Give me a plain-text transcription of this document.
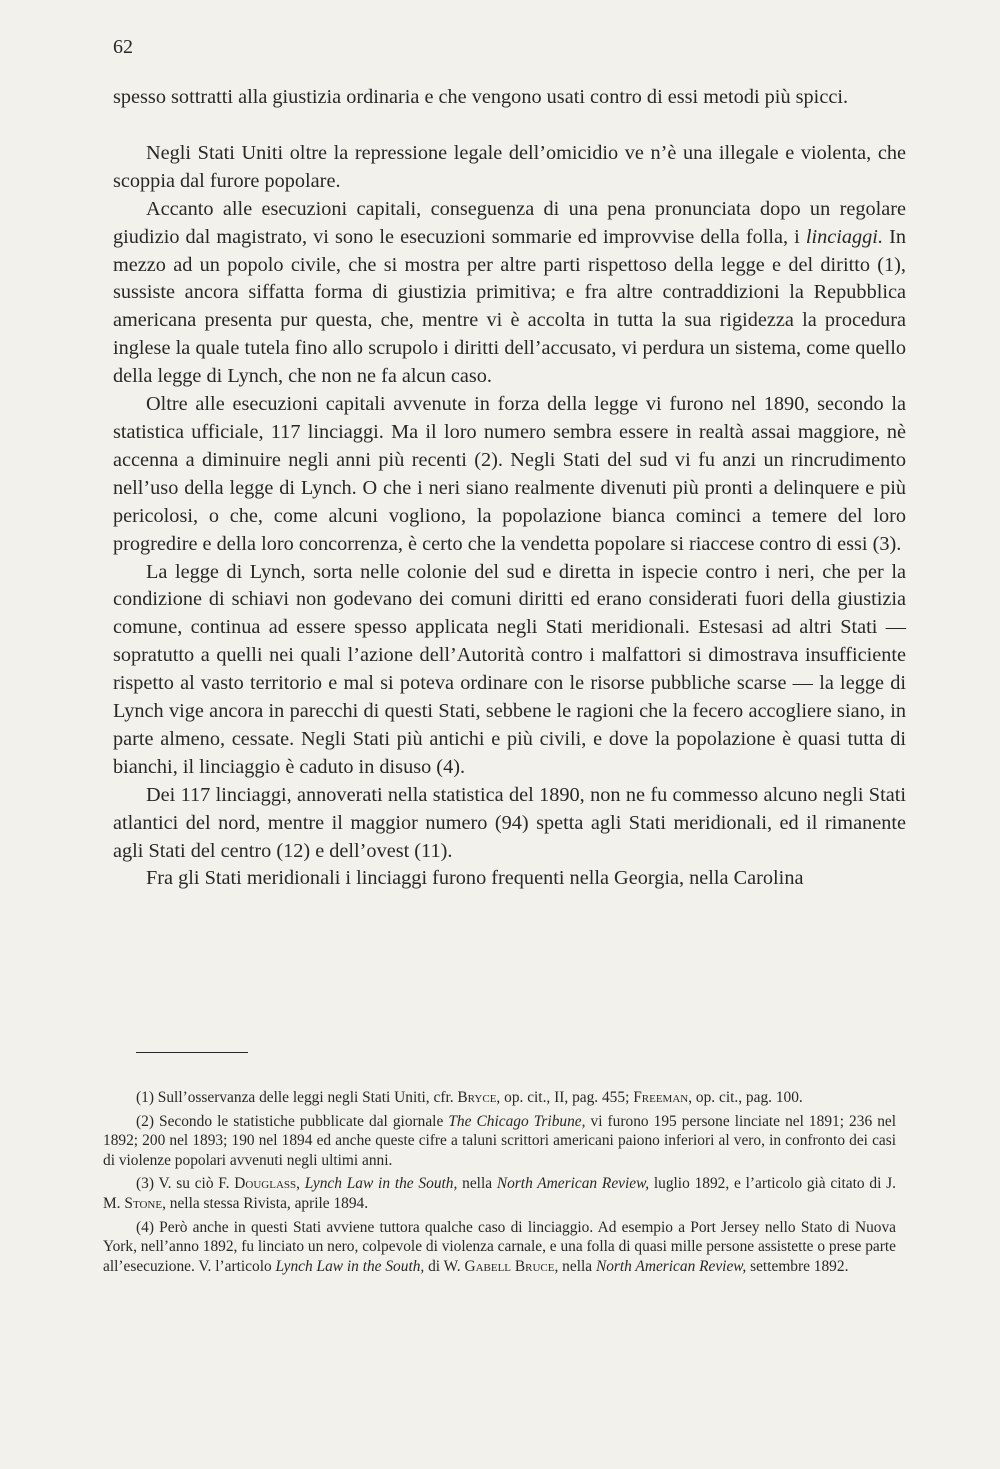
62

spesso sottratti alla giustizia ordinaria e che vengono usati contro di essi metodi più spicci.

Negli Stati Uniti oltre la repressione legale dell’omicidio ve n’è una illegale e violenta, che scoppia dal furore popolare.

Accanto alle esecuzioni capitali, conseguenza di una pena pronunciata dopo un regolare giudizio dal magistrato, vi sono le esecuzioni sommarie ed improvvise della folla, i linciaggi. In mezzo ad un popolo civile, che si mostra per altre parti rispettoso della legge e del diritto (1), sussiste ancora siffatta forma di giustizia primitiva; e fra altre contraddizioni la Repubblica americana presenta pur questa, che, mentre vi è accolta in tutta la sua rigidezza la procedura inglese la quale tutela fino allo scrupolo i diritti dell’accusato, vi perdura un sistema, come quello della legge di Lynch, che non ne fa alcun caso.

Oltre alle esecuzioni capitali avvenute in forza della legge vi furono nel 1890, secondo la statistica ufficiale, 117 linciaggi. Ma il loro numero sembra essere in realtà assai maggiore, nè accenna a diminuire negli anni più recenti (2). Negli Stati del sud vi fu anzi un rincrudimento nell’uso della legge di Lynch. O che i neri siano realmente divenuti più pronti a delinquere e più pericolosi, o che, come alcuni vogliono, la popolazione bianca cominci a temere del loro progredire e della loro concorrenza, è certo che la vendetta popolare si riaccese contro di essi (3).

La legge di Lynch, sorta nelle colonie del sud e diretta in ispecie contro i neri, che per la condizione di schiavi non godevano dei comuni diritti ed erano considerati fuori della giustizia comune, continua ad essere spesso applicata negli Stati meridionali. Estesasi ad altri Stati — sopratutto a quelli nei quali l’azione dell’Autorità contro i malfattori si dimostrava insufficiente rispetto al vasto territorio e mal si poteva ordinare con le risorse pubbliche scarse — la legge di Lynch vige ancora in parecchi di questi Stati, sebbene le ragioni che la fecero accogliere siano, in parte almeno, cessate. Negli Stati più antichi e più civili, e dove la popolazione è quasi tutta di bianchi, il linciaggio è caduto in disuso (4).

Dei 117 linciaggi, annoverati nella statistica del 1890, non ne fu commesso alcuno negli Stati atlantici del nord, mentre il maggior numero (94) spetta agli Stati meridionali, ed il rimanente agli Stati del centro (12) e dell’ovest (11).

Fra gli Stati meridionali i linciaggi furono frequenti nella Georgia, nella Carolina

(1) Sull’osservanza delle leggi negli Stati Uniti, cfr. Bryce, op. cit., II, pag. 455; Freeman, op. cit., pag. 100.

(2) Secondo le statistiche pubblicate dal giornale The Chicago Tribune, vi furono 195 persone linciate nel 1891; 236 nel 1892; 200 nel 1893; 190 nel 1894 ed anche queste cifre a taluni scrittori americani paiono inferiori al vero, in confronto dei casi di violenze popolari avvenuti negli ultimi anni.

(3) V. su ciò F. Douglass, Lynch Law in the South, nella North American Review, luglio 1892, e l’articolo già citato di J. M. Stone, nella stessa Rivista, aprile 1894.

(4) Però anche in questi Stati avviene tuttora qualche caso di linciaggio. Ad esempio a Port Jersey nello Stato di Nuova York, nell’anno 1892, fu linciato un nero, colpevole di violenza carnale, e una folla di quasi mille persone assistette o prese parte all’esecuzione. V. l’articolo Lynch Law in the South, di W. Gabell Bruce, nella North American Review, settembre 1892.
